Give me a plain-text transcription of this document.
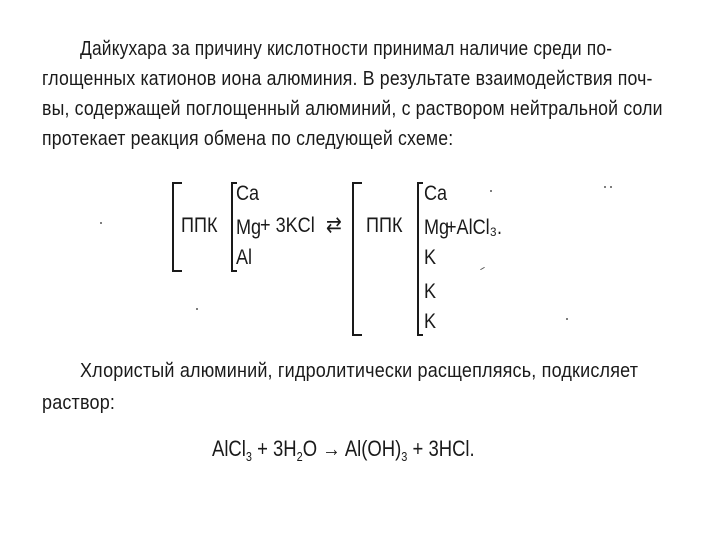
Дайкухара за причину кислотности принимал наличие среди по-
глощенных катионов иона алюминия. В результате взаимодействия поч-
вы, содержащей поглощенный алюминий, с раствором нейтральной соли
протекает реакция обмена по следующей схеме:
ППК
Ca
Mg
Al
+ 3KCl ⇄ ППК
Ca
Mg
+AlCl₃.
K
K
K
Хлористый алюминий, гидролитически расщепляясь, подкисляет
раствор:
AlCl$_3$ + $3H_2O \to Al(OH)_3 + 3HCl$.
